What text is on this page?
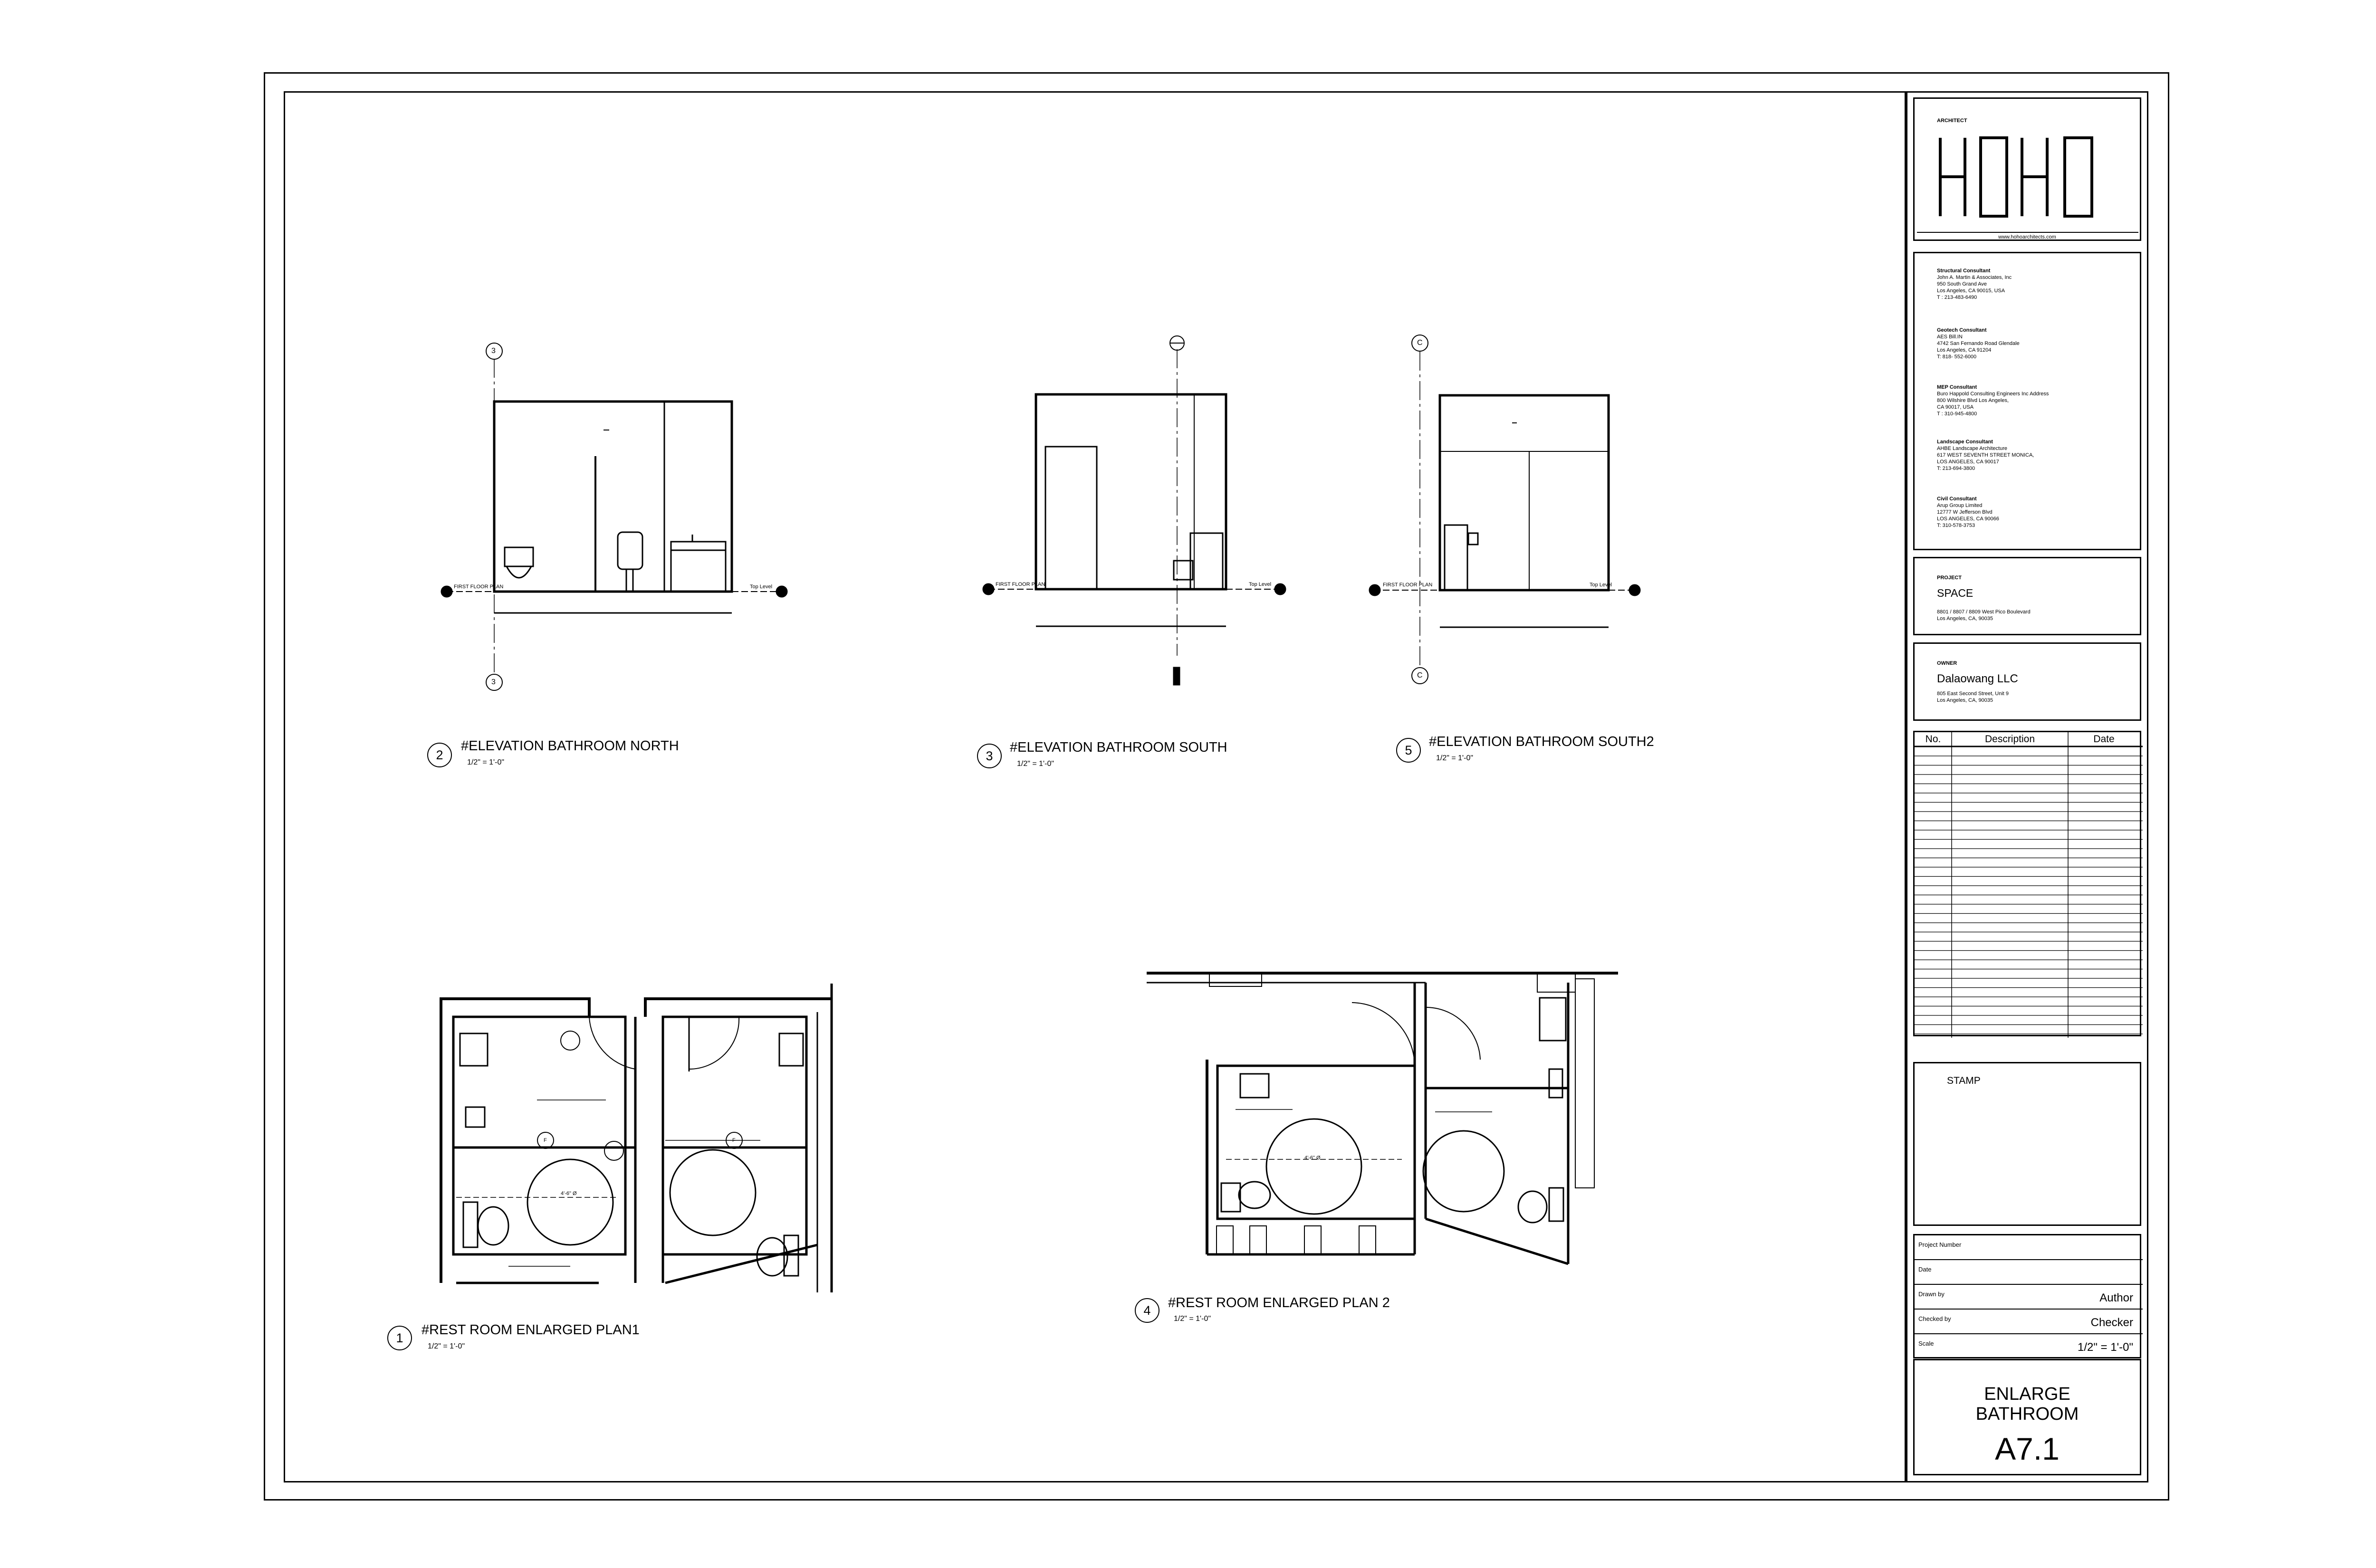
2
#ELEVATION BATHROOM NORTH
1/2" = 1'-0"	3
#ELEVATION BATHROOM SOUTH
1/2" = 1'-0"
5
#ELEVATION BATHROOM SOUTH2
1/2" = 1'-0"
1
#REST ROOM ENLARGED PLAN1
1/2" = 1'-0"
4	#REST ROOM ENLARGED PLAN 2
1/2" = 1'-0"
3
3
C
C
FIRST FLOOR PLAN	Top Level	FIRST FLOOR PLAN	Top Level	FIRST FLOOR PLAN	Top Level
4'-6" Ø
4'-6" Ø
F	F
ARCHITECT
www.hohoarchitects.com
Structural Consultant
John A. Martin & Associates, Inc
950 South Grand Ave
Los Angeles, CA 90015, USA
T : 213-483-6490
Geotech Consultant
AES Bill.IN
4742 San Fernando Road Glendale
Los Angeles, CA 91204
T: 818- 552-6000
MEP Consultant
Buro Happold Consulting Engineers Inc Address
800 Wilshire Blvd Los Angeles,
CA 90017, USA
T : 310-945-4800
Landscape Consultant
AHBE Landscape Architecture
617 WEST SEVENTH STREET MONICA,
LOS ANGELES, CA 90017
T: 213-694-3800
Civil Consultant
Arup Group Limited
12777 W Jefferson Blvd
LOS ANGELES, CA 90066
T: 310-578-3753
PROJECT
SPACE
8801 / 8807 / 8809 West Pico Boulevard
Los Angeles, CA, 90035
OWNER
Dalaowang LLC
805 East Second Street, Unit 9
Los Angeles, CA, 90035
No.	Description	Date
STAMP
Project Number
Date
Drawn by	Author
Checked by	Checker
Scale	1/2" = 1'-0"
ENLARGE
BATHROOM
A7.1
